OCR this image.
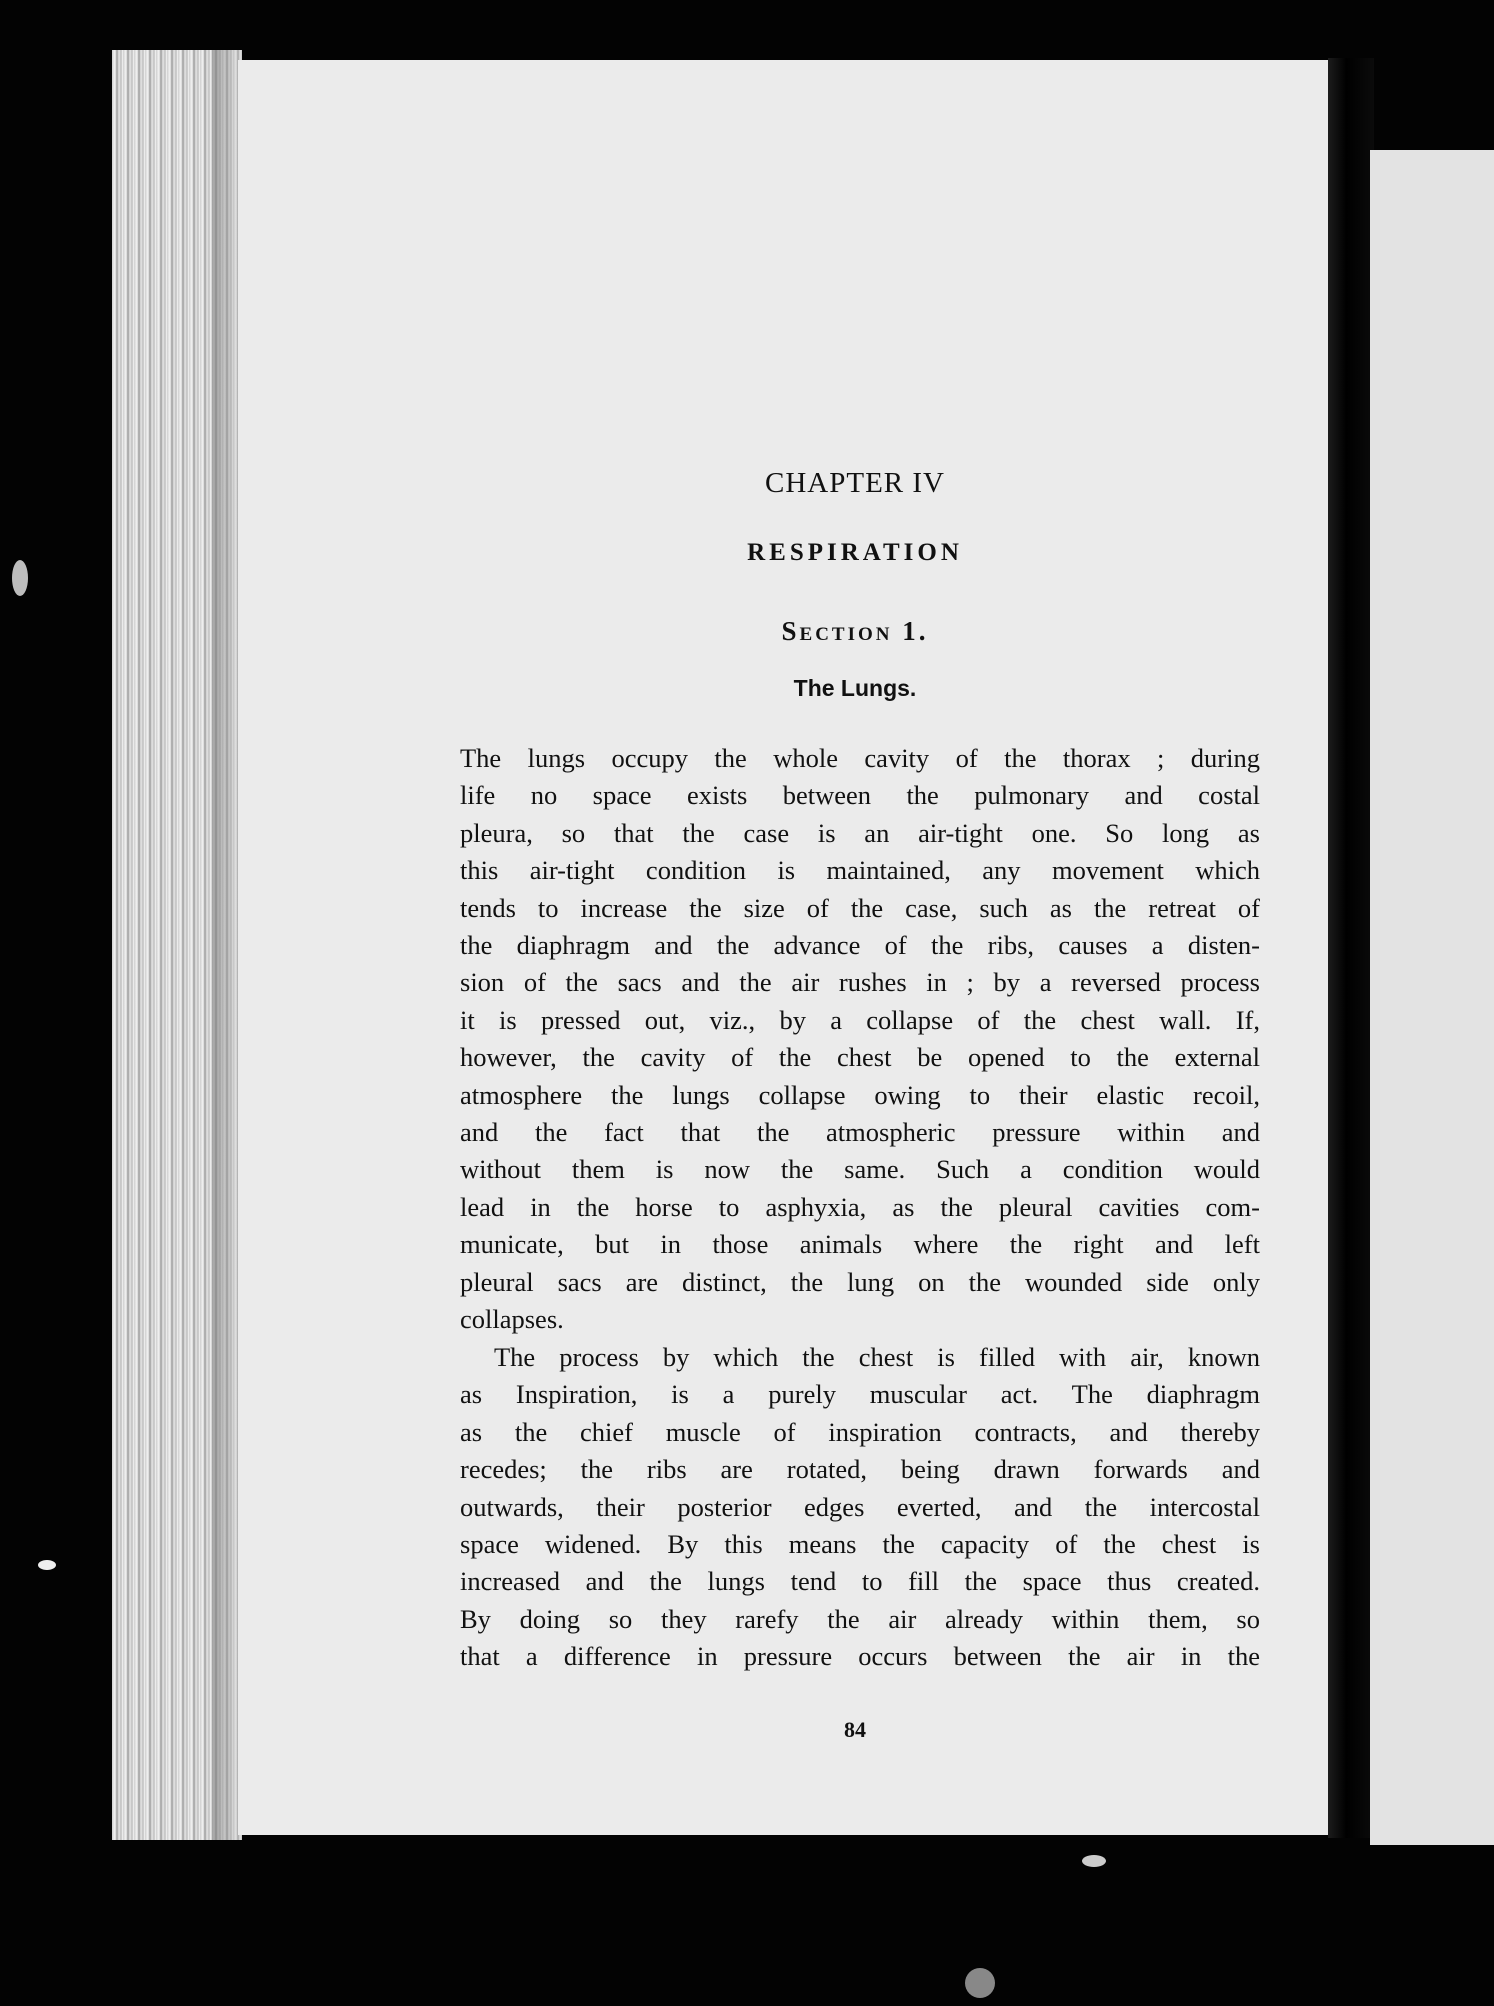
CHAPTER IV
RESPIRATION
Section 1.
The Lungs.

The lungs occupy the whole cavity of the thorax ; during
life no space exists between the pulmonary and costal
pleura, so that the case is an air-tight one. So long as
this air-tight condition is maintained, any movement which
tends to increase the size of the case, such as the retreat of
the diaphragm and the advance of the ribs, causes a disten-
sion of the sacs and the air rushes in ; by a reversed process
it is pressed out, viz., by a collapse of the chest wall. If,
however, the cavity of the chest be opened to the external
atmosphere the lungs collapse owing to their elastic recoil,
and the fact that the atmospheric pressure within and
without them is now the same. Such a condition would
lead in the horse to asphyxia, as the pleural cavities com-
municate, but in those animals where the right and left
pleural sacs are distinct, the lung on the wounded side only
collapses.

The process by which the chest is filled with air, known
as Inspiration, is a purely muscular act. The diaphragm
as the chief muscle of inspiration contracts, and thereby
recedes; the ribs are rotated, being drawn forwards and
outwards, their posterior edges everted, and the intercostal
space widened. By this means the capacity of the chest is
increased and the lungs tend to fill the space thus created.
By doing so they rarefy the air already within them, so
that a difference in pressure occurs between the air in the

84
